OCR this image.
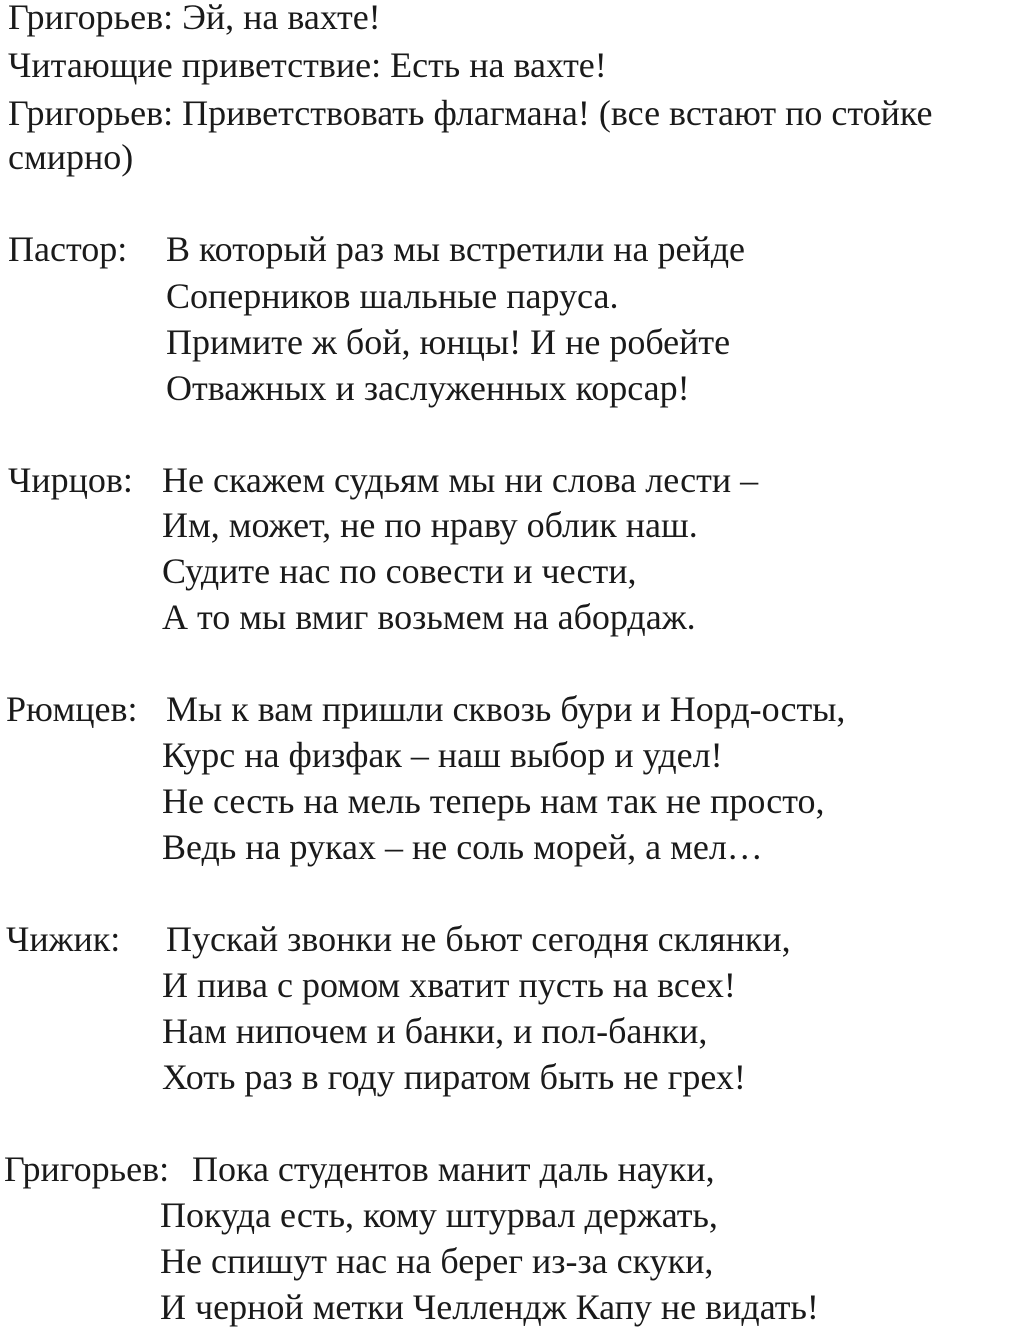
Григорьев: Эй, на вахте!
Читающие приветствие: Есть на вахте!
Григорьев: Приветствовать флагмана! (все встают по стойке
смирно)
Пастор: В который раз мы встретили на рейде
Соперников шальные паруса.
Примите ж бой, юнцы! И не робейте
Отважных и заслуженных корсар!
Чирцов: Не скажем судьям мы ни слова лести –
Им, может, не по нраву облик наш.
Судите нас по совести и чести,
А то мы вмиг возьмем на абордаж.
Рюмцев: Мы к вам пришли сквозь бури и Норд-осты,
Курс на физфак – наш выбор и удел!
Не сесть на мель теперь нам так не просто,
Ведь на руках – не соль морей, а мел…
Чижик: Пускай звонки не бьют сегодня склянки,
И пива с ромом хватит пусть на всех!
Нам нипочем и банки, и пол-банки,
Хоть раз в году пиратом быть не грех!
Григорьев: Пока студентов манит даль науки,
Покуда есть, кому штурвал держать,
Не спишут нас на берег из-за скуки,
И черной метки Челлендж Капу не видать!
